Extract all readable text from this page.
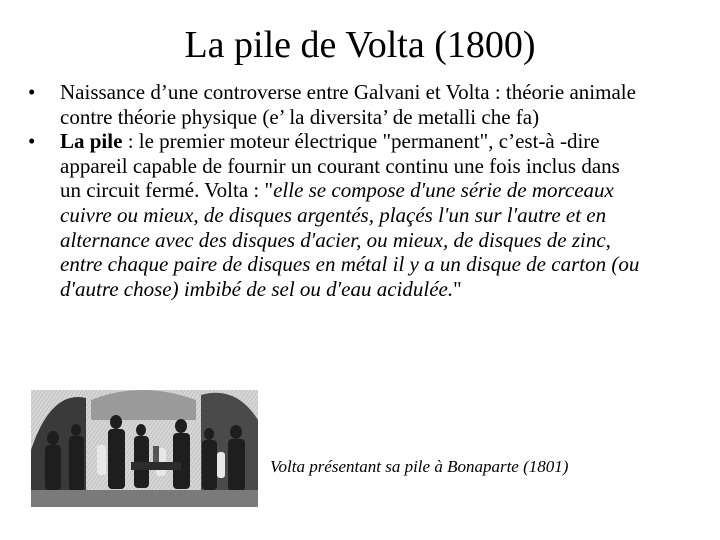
La pile de Volta (1800)
• Naissance d’une controverse entre Galvani et Volta : théorie animale contre théorie physique (e’ la diversita’ de metalli che fa)
• La pile : le premier moteur électrique "permanent", c’est-à -dire appareil capable de fournir un courant continu une fois inclus dans un circuit fermé. Volta : "elle se compose d'une série de morceaux cuivre ou mieux, de disques argentés, plaçés l'un sur l'autre et en alternance avec des disques d'acier, ou mieux, de disques de zinc, entre chaque paire de disques en métal il y a un disque de carton (ou d'autre chose) imbibé de sel ou d'eau acidulée."
Volta présentant sa pile à Bonaparte (1801)
